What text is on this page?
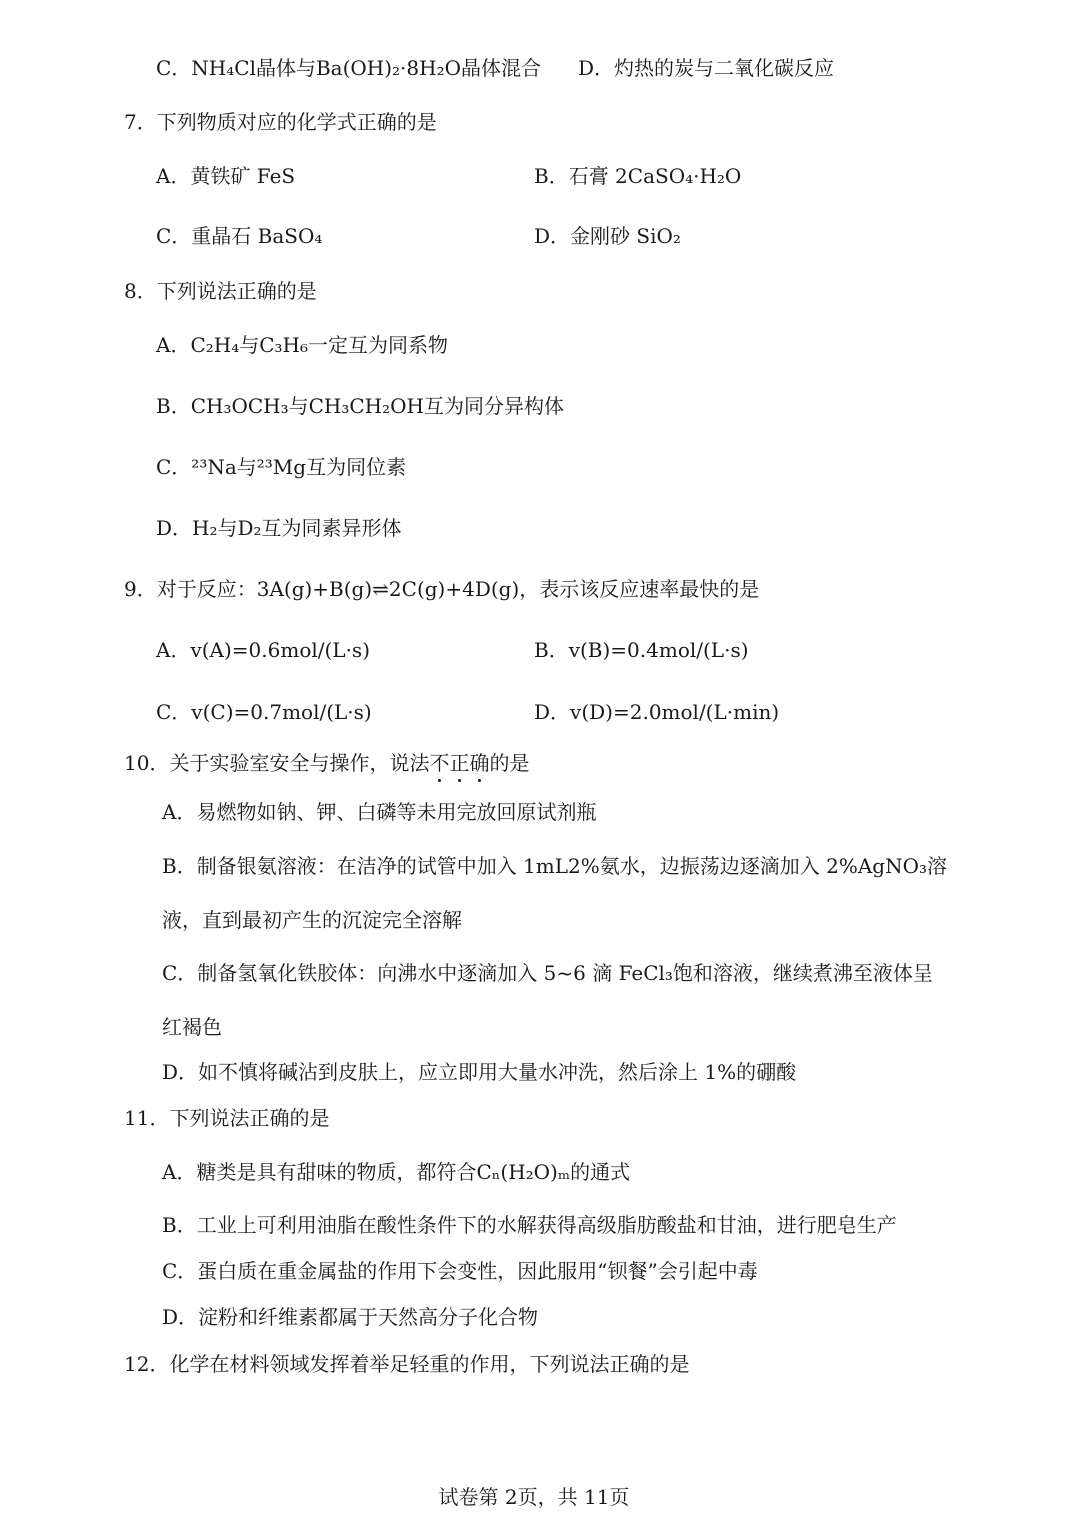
C．NH₄Cl晶体与Ba(OH)₂·8H₂O晶体混合 D．灼热的炭与二氧化碳反应
7．下列物质对应的化学式正确的是
A．黄铁矿 FeS	B．石膏 2CaSO₄·H₂O
C．重晶石 BaSO₄	D．金刚砂 SiO₂
8．下列说法正确的是
A．C₂H₄与C₃H₆一定互为同系物
B．CH₃OCH₃与CH₃CH₂OH互为同分异构体
C．²³Na与²³Mg互为同位素
D．H₂与D₂互为同素异形体
9．对于反应：3A(g)+B(g)⇌2C(g)+4D(g)，表示该反应速率最快的是
A．v(A)=0.6mol/(L·s)	B．v(B)=0.4mol/(L·s)
C．v(C)=0.7mol/(L·s)	D．v(D)=2.0mol/(L·min)
10．关于实验室安全与操作，说法不正确的是
A．易燃物如钠、钾、白磷等未用完放回原试剂瓶
B．制备银氨溶液：在洁净的试管中加入 1mL2%氨水，边振荡边逐滴加入 2%AgNO₃溶
液，直到最初产生的沉淀完全溶解
C．制备氢氧化铁胶体：向沸水中逐滴加入 5~6 滴 FeCl₃饱和溶液，继续煮沸至液体呈
红褐色
D．如不慎将碱沾到皮肤上，应立即用大量水冲洗，然后涂上 1%的硼酸
11．下列说法正确的是
A．糖类是具有甜味的物质，都符合Cₙ(H₂O)ₘ的通式
B．工业上可利用油脂在酸性条件下的水解获得高级脂肪酸盐和甘油，进行肥皂生产
C．蛋白质在重金属盐的作用下会变性，因此服用“钡餐”会引起中毒
D．淀粉和纤维素都属于天然高分子化合物
12．化学在材料领域发挥着举足轻重的作用，下列说法正确的是
试卷第 2页，共 11页
